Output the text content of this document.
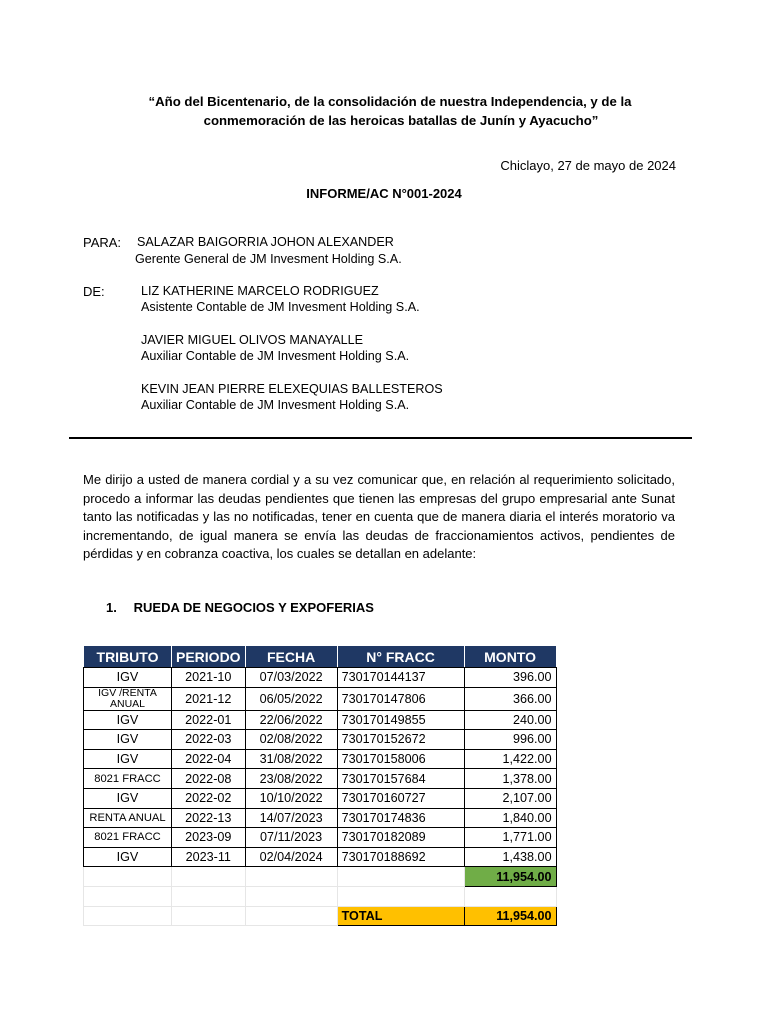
“Año del Bicentenario, de la consolidación de nuestra Independencia, y de la
conmemoración de las heroicas batallas de Junín y Ayacucho”
Chiclayo, 27 de mayo de 2024
INFORME/AC N°001-2024
PARA: SALAZAR BAIGORRIA JOHON ALEXANDER
Gerente General de JM Invesment Holding S.A.
DE:	LIZ KATHERINE MARCELO RODRIGUEZ
Asistente Contable de JM Invesment Holding S.A.
JAVIER MIGUEL OLIVOS MANAYALLE
Auxiliar Contable de JM Invesment Holding S.A.
KEVIN JEAN PIERRE ELEXEQUIAS BALLESTEROS
Auxiliar Contable de JM Invesment Holding S.A.
Me dirijo a usted de manera cordial y a su vez comunicar que, en relación al requerimiento solicitado, procedo a informar las deudas pendientes que tienen las empresas del grupo empresarial ante Sunat tanto las notificadas y las no notificadas, tener en cuenta que de manera diaria el interés moratorio va incrementando, de igual manera se envía las deudas de fraccionamientos activos, pendientes de pérdidas y en cobranza coactiva, los cuales se detallan en adelante:
1. RUEDA DE NEGOCIOS Y EXPOFERIAS
TRIBUTO	PERIODO	FECHA	N° FRACC	MONTO
IGV	2021-10	07/03/2022	730170144137	396.00
IGV /RENTA ANUAL	2021-12	06/05/2022	730170147806	366.00
IGV	2022-01	22/06/2022	730170149855	240.00
IGV	2022-03	02/08/2022	730170152672	996.00
IGV	2022-04	31/08/2022	730170158006	1,422.00
8021 FRACC	2022-08	23/08/2022	730170157684	1,378.00
IGV	2022-02	10/10/2022	730170160727	2,107.00
RENTA ANUAL	2022-13	14/07/2023	730170174836	1,840.00
8021 FRACC	2023-09	07/11/2023	730170182089	1,771.00
IGV	2023-11	02/04/2024	730170188692	1,438.00
				11,954.00

			TOTAL	11,954.00
